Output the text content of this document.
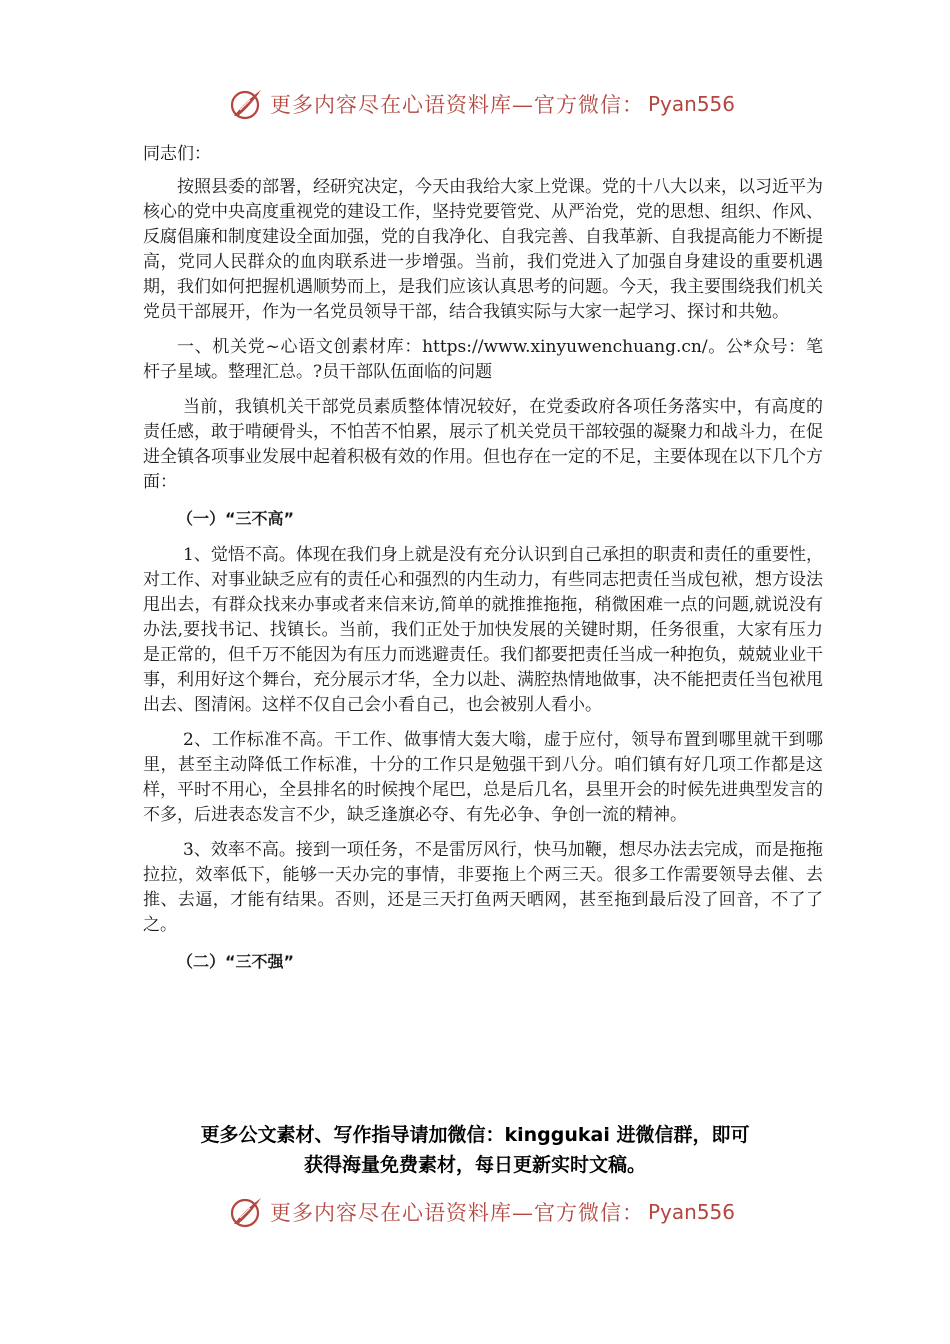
更多内容尽在心语资料库—官方微信： Pyan556

同志们：

按照县委的部署，经研究决定，今天由我给大家上党课。党的十八大以来，以习近平为核心的党中央高度重视党的建设工作，坚持党要管党、从严治党，党的思想、组织、作风、反腐倡廉和制度建设全面加强，党的自我净化、自我完善、自我革新、自我提高能力不断提高，党同人民群众的血肉联系进一步增强。当前，我们党进入了加强自身建设的重要机遇期，我们如何把握机遇顺势而上，是我们应该认真思考的问题。今天，我主要围绕我们机关党员干部展开，作为一名党员领导干部，结合我镇实际与大家一起学习、探讨和共勉。

一、机关党~心语文创素材库：https://www.xinyuwenchuang.cn/。公*众号：笔杆子星域。整理汇总。?员干部队伍面临的问题

当前，我镇机关干部党员素质整体情况较好，在党委政府各项任务落实中，有高度的责任感，敢于啃硬骨头，不怕苦不怕累，展示了机关党员干部较强的凝聚力和战斗力，在促进全镇各项事业发展中起着积极有效的作用。但也存在一定的不足，主要体现在以下几个方面：

（一）“三不高”

1、觉悟不高。体现在我们身上就是没有充分认识到自己承担的职责和责任的重要性，对工作、对事业缺乏应有的责任心和强烈的内生动力，有些同志把责任当成包袱，想方设法甩出去，有群众找来办事或者来信来访,简单的就推推拖拖，稍微困难一点的问题,就说没有办法,要找书记、找镇长。当前，我们正处于加快发展的关键时期，任务很重，大家有压力是正常的，但千万不能因为有压力而逃避责任。我们都要把责任当成一种抱负，兢兢业业干事，利用好这个舞台，充分展示才华，全力以赴、满腔热情地做事，决不能把责任当包袱甩出去、图清闲。这样不仅自己会小看自己，也会被别人看小。

2、工作标准不高。干工作、做事情大轰大嗡，虚于应付，领导布置到哪里就干到哪里，甚至主动降低工作标准，十分的工作只是勉强干到八分。咱们镇有好几项工作都是这样，平时不用心，全县排名的时候拽个尾巴，总是后几名，县里开会的时候先进典型发言的不多，后进表态发言不少，缺乏逢旗必夺、有先必争、争创一流的精神。

3、效率不高。接到一项任务，不是雷厉风行，快马加鞭，想尽办法去完成，而是拖拖拉拉，效率低下，能够一天办完的事情，非要拖上个两三天。很多工作需要领导去催、去推、去逼，才能有结果。否则，还是三天打鱼两天晒网，甚至拖到最后没了回音，不了了之。

（二）“三不强”
更多公文素材、写作指导请加微信：kinggukai 进微信群，即可
获得海量免费素材，每日更新实时文稿。
更多内容尽在心语资料库—官方微信： Pyan556
